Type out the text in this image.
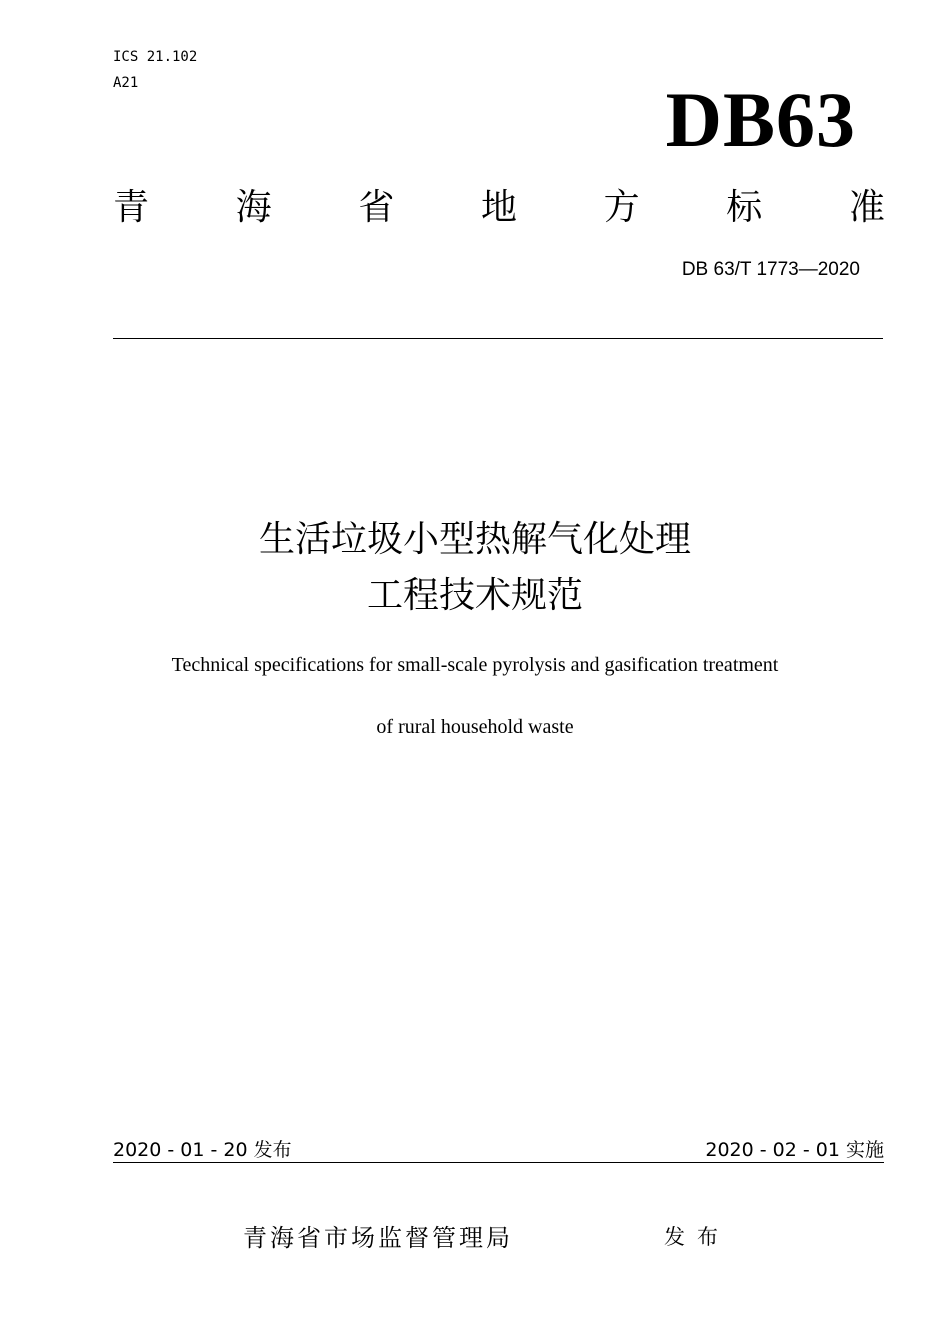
ICS 21.102
A21	DB63
青 海 省 地 方 标 准
DB 63/T 1773—2020
生活垃圾小型热解气化处理
工程技术规范
Technical specifications for small-scale pyrolysis and gasification treatment
of rural household waste
2020 - 01 - 20 发布	2020 - 02 - 01 实施
青海省市场监督管理局	发布
